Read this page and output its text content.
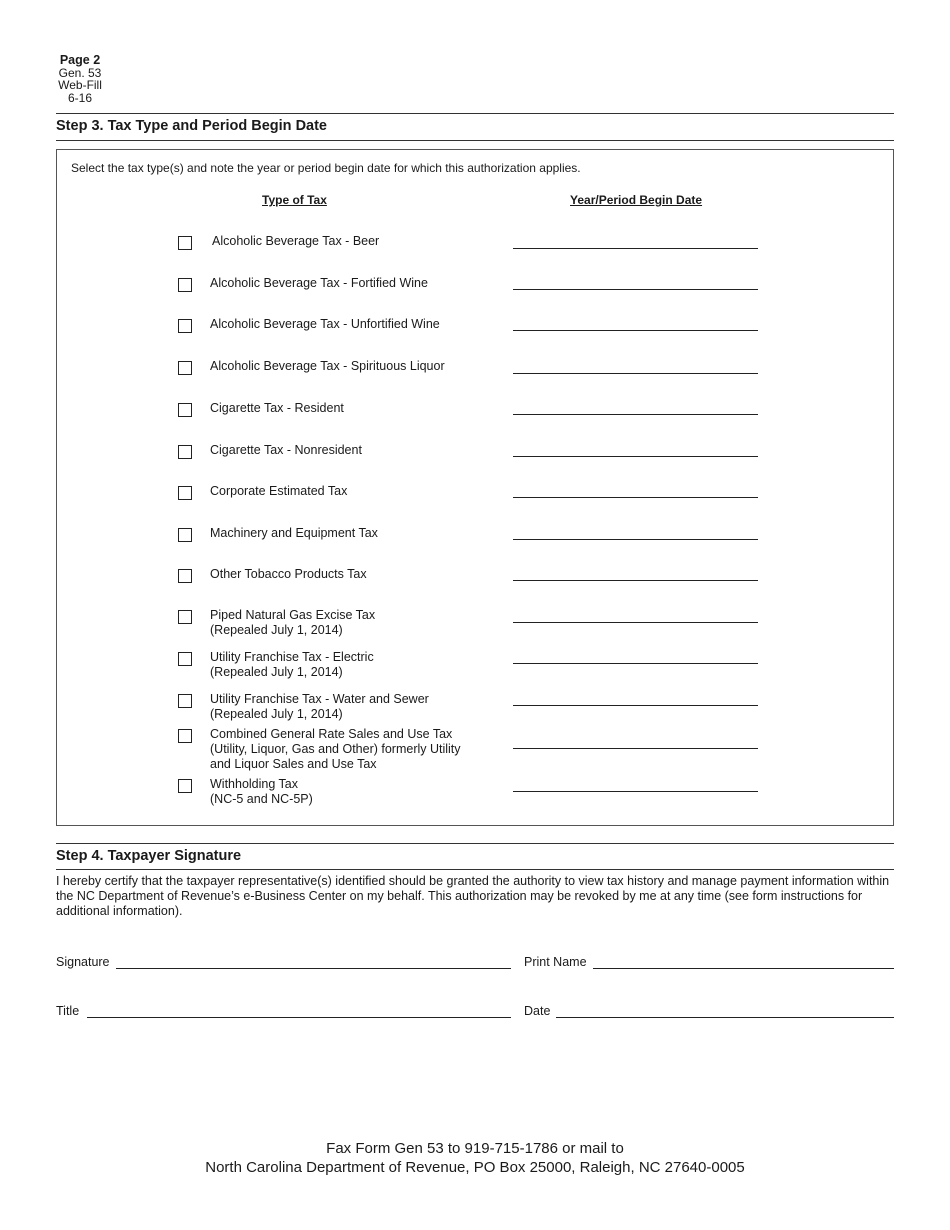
Page 2
Gen. 53
Web-Fill
6-16
Step 3. Tax Type and Period Begin Date
Select the tax type(s) and note the year or period begin date for which this authorization applies.
Type of Tax	Year/Period Begin Date
Alcoholic Beverage Tax - Beer
Alcoholic Beverage Tax - Fortified Wine
Alcoholic Beverage Tax - Unfortified Wine
Alcoholic Beverage Tax - Spirituous Liquor
Cigarette Tax - Resident
Cigarette Tax - Nonresident
Corporate Estimated Tax
Machinery and Equipment Tax
Other Tobacco Products Tax
Piped Natural Gas Excise Tax
(Repealed July 1, 2014)
Utility Franchise Tax - Electric
(Repealed July 1, 2014)
Utility Franchise Tax - Water and Sewer
(Repealed July 1, 2014)
Combined General Rate Sales and Use Tax
(Utility, Liquor, Gas and Other) formerly Utility
and Liquor Sales and Use Tax
Withholding Tax
(NC-5 and NC-5P)
Step 4. Taxpayer Signature
I hereby certify that the taxpayer representative(s) identified should be granted the authority to view tax history and manage payment information within the NC Department of Revenue’s e-Business Center on my behalf. This authorization may be revoked by me at any time (see form instructions for additional information).
Signature	Print Name
Title	Date
Fax Form Gen 53 to 919-715-1786 or mail to
North Carolina Department of Revenue, PO Box 25000, Raleigh, NC 27640-0005
